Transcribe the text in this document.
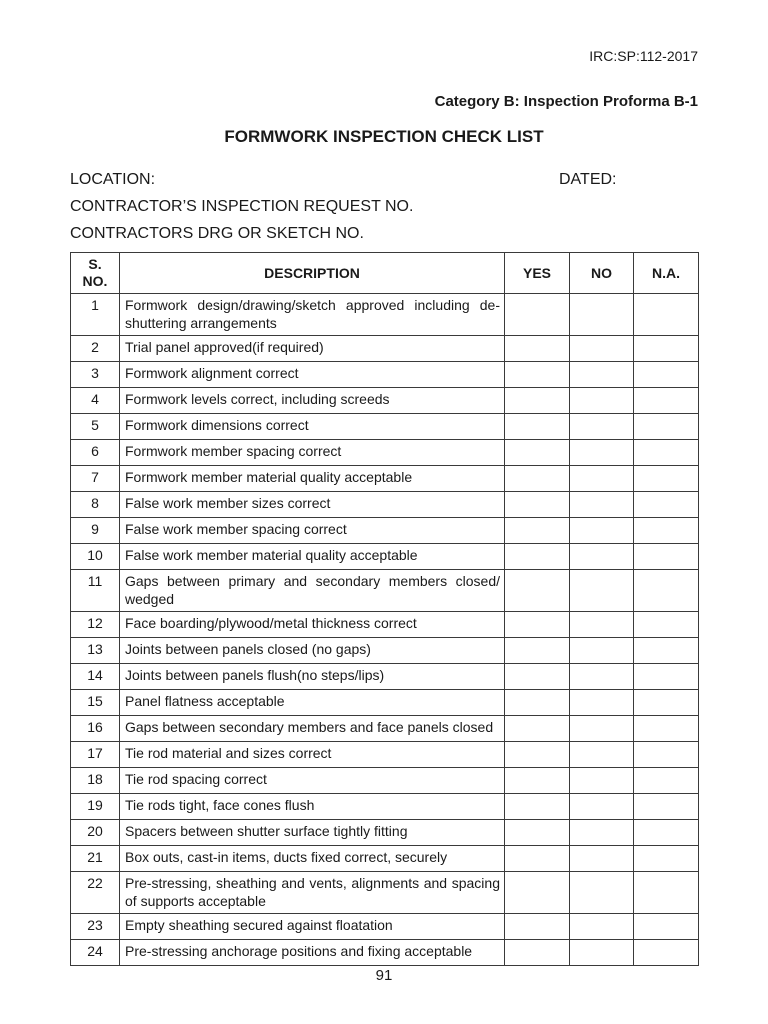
IRC:SP:112-2017
Category B: Inspection Proforma B-1
FORMWORK INSPECTION CHECK LIST
LOCATION:	DATED:
CONTRACTOR’S INSPECTION REQUEST NO.
CONTRACTORS DRG OR SKETCH NO.
S.
NO.	DESCRIPTION	YES	NO	N.A.
1	Formwork design/drawing/sketch approved including de-shuttering arrangements			
2	Trial panel approved(if required)			
3	Formwork alignment correct			
4	Formwork levels correct, including screeds			
5	Formwork dimensions correct			
6	Formwork member spacing correct			
7	Formwork member material quality acceptable			
8	False work member sizes correct			
9	False work member spacing correct			
10	False work member material quality acceptable			
11	Gaps between primary and secondary members closed/ wedged			
12	Face boarding/plywood/metal thickness correct			
13	Joints between panels closed (no gaps)			
14	Joints between panels flush(no steps/lips)			
15	Panel flatness acceptable			
16	Gaps between secondary members and face panels closed			
17	Tie rod material and sizes correct			
18	Tie rod spacing correct			
19	Tie rods tight, face cones flush			
20	Spacers between shutter surface tightly fitting			
21	Box outs, cast-in items, ducts fixed correct, securely			
22	Pre-stressing, sheathing and vents, alignments and spacing of supports acceptable			
23	Empty sheathing secured against floatation			
24	Pre-stressing anchorage positions and fixing acceptable			
91
